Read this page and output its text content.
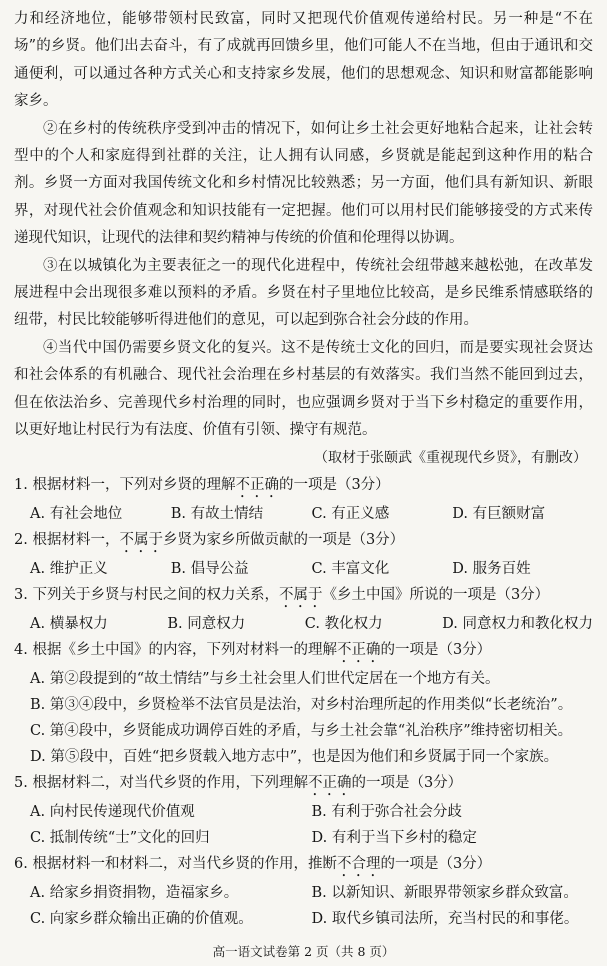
力和经济地位，能够带领村民致富，同时又把现代价值观传递给村民。另一种是“不在场”的乡贤。他们出去奋斗，有了成就再回馈乡里，他们可能人不在当地，但由于通讯和交通便利，可以通过各种方式关心和支持家乡发展，他们的思想观念、知识和财富都能影响家乡。

②在乡村的传统秩序受到冲击的情况下，如何让乡土社会更好地粘合起来，让社会转型中的个人和家庭得到社群的关注，让人拥有认同感，乡贤就是能起到这种作用的粘合剂。乡贤一方面对我国传统文化和乡村情况比较熟悉；另一方面，他们具有新知识、新眼界，对现代社会价值观念和知识技能有一定把握。他们可以用村民们能够接受的方式来传递现代知识，让现代的法律和契约精神与传统的价值和伦理得以协调。

③在以城镇化为主要表征之一的现代化进程中，传统社会纽带越来越松弛，在改革发展进程中会出现很多难以预料的矛盾。乡贤在村子里地位比较高，是乡民维系情感联络的纽带，村民比较能够听得进他们的意见，可以起到弥合社会分歧的作用。

④当代中国仍需要乡贤文化的复兴。这不是传统士文化的回归，而是要实现社会贤达和社会体系的有机融合、现代社会治理在乡村基层的有效落实。我们当然不能回到过去，但在依法治乡、完善现代乡村治理的同时，也应强调乡贤对于当下乡村稳定的重要作用，以更好地让村民行为有法度、价值有引领、操守有规范。

（取材于张颐武《重视现代乡贤》，有删改）

1. 根据材料一，下列对乡贤的理解不正确的一项是（3分）
A. 有社会地位	B. 有故土情结	C. 有正义感	D. 有巨额财富
2. 根据材料一，不属于乡贤为家乡所做贡献的一项是（3分）
A. 维护正义	B. 倡导公益	C. 丰富文化	D. 服务百姓
3. 下列关于乡贤与村民之间的权力关系，不属于《乡土中国》所说的一项是（3分）
A. 横暴权力	B. 同意权力	C. 教化权力	D. 同意权力和教化权力
4. 根据《乡土中国》的内容，下列对材料一的理解不正确的一项是（3分）
A. 第②段提到的“故土情结”与乡土社会里人们世代定居在一个地方有关。
B. 第③④段中，乡贤检举不法官员是法治，对乡村治理所起的作用类似“长老统治”。
C. 第④段中，乡贤能成功调停百姓的矛盾，与乡土社会靠“礼治秩序”维持密切相关。
D. 第⑤段中，百姓“把乡贤载入地方志中”，也是因为他们和乡贤属于同一个家族。
5. 根据材料二，对当代乡贤的作用，下列理解不正确的一项是（3分）
A. 向村民传递现代价值观	B. 有利于弥合社会分歧
C. 抵制传统“士”文化的回归	D. 有利于当下乡村的稳定
6. 根据材料一和材料二，对当代乡贤的作用，推断不合理的一项是（3分）
A. 给家乡捐资捐物，造福家乡。	B. 以新知识、新眼界带领家乡群众致富。
C. 向家乡群众输出正确的价值观。	D. 取代乡镇司法所，充当村民的和事佬。
高一语文试卷第 2 页（共 8 页）
